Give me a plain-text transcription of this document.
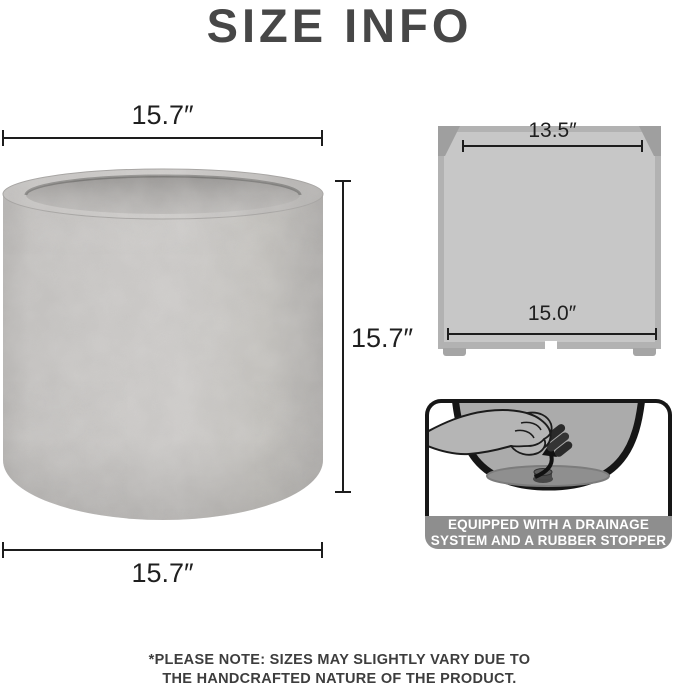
SIZE INFO
15.7″
15.7″
15.7″
13.5″
15.0″
EQUIPPED WITH A DRAINAGE
SYSTEM AND A RUBBER STOPPER
*PLEASE NOTE: SIZES MAY SLIGHTLY VARY DUE TO
THE HANDCRAFTED NATURE OF THE PRODUCT.
